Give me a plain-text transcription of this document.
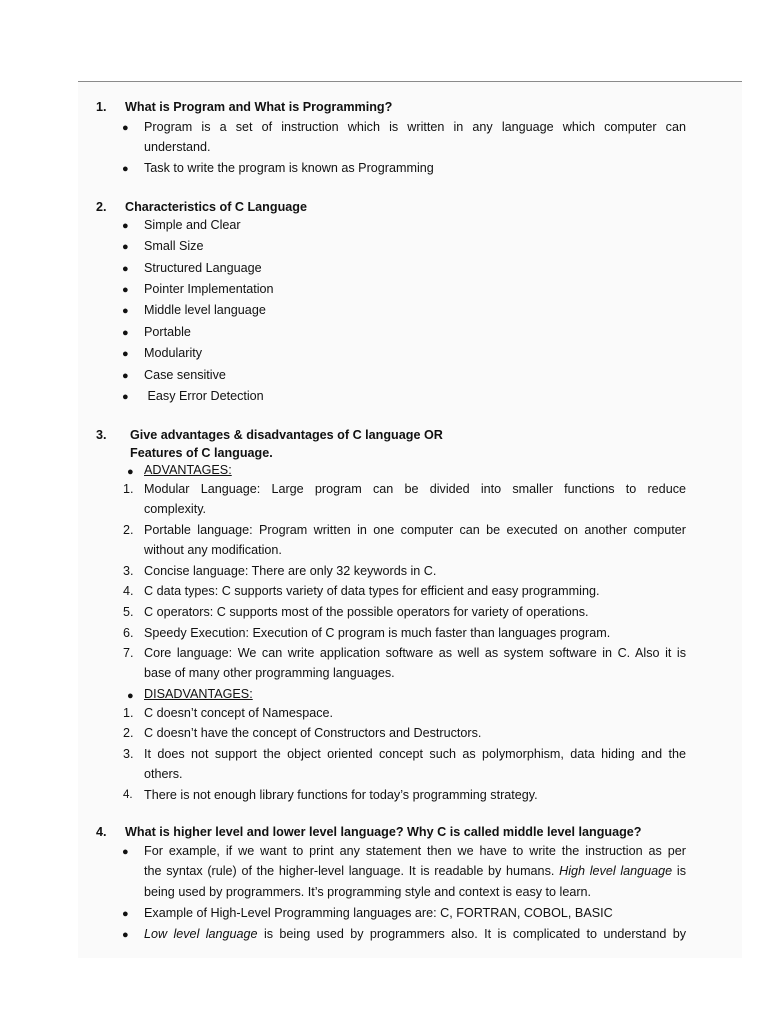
1. What is Program and What is Programming?
● Program is a set of instruction which is written in any language which computer can
understand.
● Task to write the program is known as Programming
2. Characteristics of C Language
● Simple and Clear
● Small Size
● Structured Language
● Pointer Implementation
● Middle level language
● Portable
● Modularity
● Case sensitive
● Easy Error Detection
3. Give advantages & disadvantages of C language OR
Features of C language.
● ADVANTAGES:
1. Modular Language: Large program can be divided into smaller functions to reduce
complexity.
2. Portable language: Program written in one computer can be executed on another computer
without any modification.
3. Concise language: There are only 32 keywords in C.
4. C data types: C supports variety of data types for efficient and easy programming.
5. C operators: C supports most of the possible operators for variety of operations.
6. Speedy Execution: Execution of C program is much faster than languages program.
7. Core language: We can write application software as well as system software in C. Also it is
base of many other programming languages.
● DISADVANTAGES:
1. C doesn’t concept of Namespace.
2. C doesn’t have the concept of Constructors and Destructors.
3. It does not support the object oriented concept such as polymorphism, data hiding and the
others.
4. There is not enough library functions for today’s programming strategy.
4. What is higher level and lower level language? Why C is called middle level language?
● For example, if we want to print any statement then we have to write the instruction as per
the syntax (rule) of the higher-level language. It is readable by humans. High level language is
being used by programmers. It’s programming style and context is easy to learn.
● Example of High-Level Programming languages are: C, FORTRAN, COBOL, BASIC
● Low level language is being used by programmers also. It is complicated to understand by
